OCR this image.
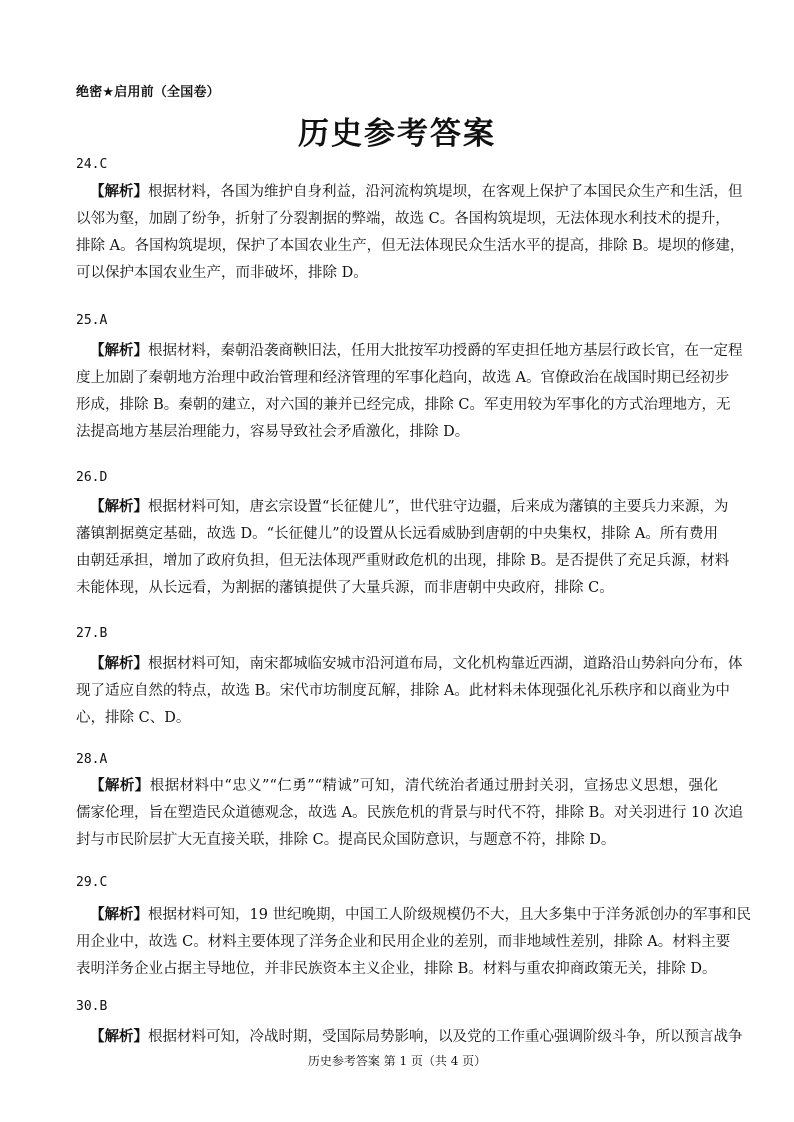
绝密★启用前（全国卷）
历史参考答案
24.C
【解析】根据材料，各国为维护自身利益，沿河流构筑堤坝，在客观上保护了本国民众生产和生活，但
以邻为壑，加剧了纷争，折射了分裂割据的弊端，故选 C。各国构筑堤坝，无法体现水利技术的提升，
排除 A。各国构筑堤坝，保护了本国农业生产，但无法体现民众生活水平的提高，排除 B。堤坝的修建，
可以保护本国农业生产，而非破坏，排除 D。
25.A
【解析】根据材料，秦朝沿袭商鞅旧法，任用大批按军功授爵的军吏担任地方基层行政长官，在一定程
度上加剧了秦朝地方治理中政治管理和经济管理的军事化趋向，故选 A。官僚政治在战国时期已经初步
形成，排除 B。秦朝的建立，对六国的兼并已经完成，排除 C。军吏用较为军事化的方式治理地方，无
法提高地方基层治理能力，容易导致社会矛盾激化，排除 D。
26.D
【解析】根据材料可知，唐玄宗设置“长征健儿”，世代驻守边疆，后来成为藩镇的主要兵力来源，为
藩镇割据奠定基础，故选 D。“长征健儿”的设置从长远看威胁到唐朝的中央集权，排除 A。所有费用
由朝廷承担，增加了政府负担，但无法体现严重财政危机的出现，排除 B。是否提供了充足兵源，材料
未能体现，从长远看，为割据的藩镇提供了大量兵源，而非唐朝中央政府，排除 C。
27.B
【解析】根据材料可知，南宋都城临安城市沿河道布局，文化机构靠近西湖，道路沿山势斜向分布，体
现了适应自然的特点，故选 B。宋代市坊制度瓦解，排除 A。此材料未体现强化礼乐秩序和以商业为中
心，排除 C、D。
28.A
【解析】根据材料中“忠义”“仁勇”“精诚”可知，清代统治者通过册封关羽，宣扬忠义思想，强化
儒家伦理，旨在塑造民众道德观念，故选 A。民族危机的背景与时代不符，排除 B。对关羽进行 10 次追
封与市民阶层扩大无直接关联，排除 C。提高民众国防意识，与题意不符，排除 D。
29.C
【解析】根据材料可知，19 世纪晚期，中国工人阶级规模仍不大，且大多集中于洋务派创办的军事和民
用企业中，故选 C。材料主要体现了洋务企业和民用企业的差别，而非地域性差别，排除 A。材料主要
表明洋务企业占据主导地位，并非民族资本主义企业，排除 B。材料与重农抑商政策无关，排除 D。
30.B
【解析】根据材料可知，冷战时期，受国际局势影响，以及党的工作重心强调阶级斗争，所以预言战争
历史参考答案 第 1 页（共 4 页）
